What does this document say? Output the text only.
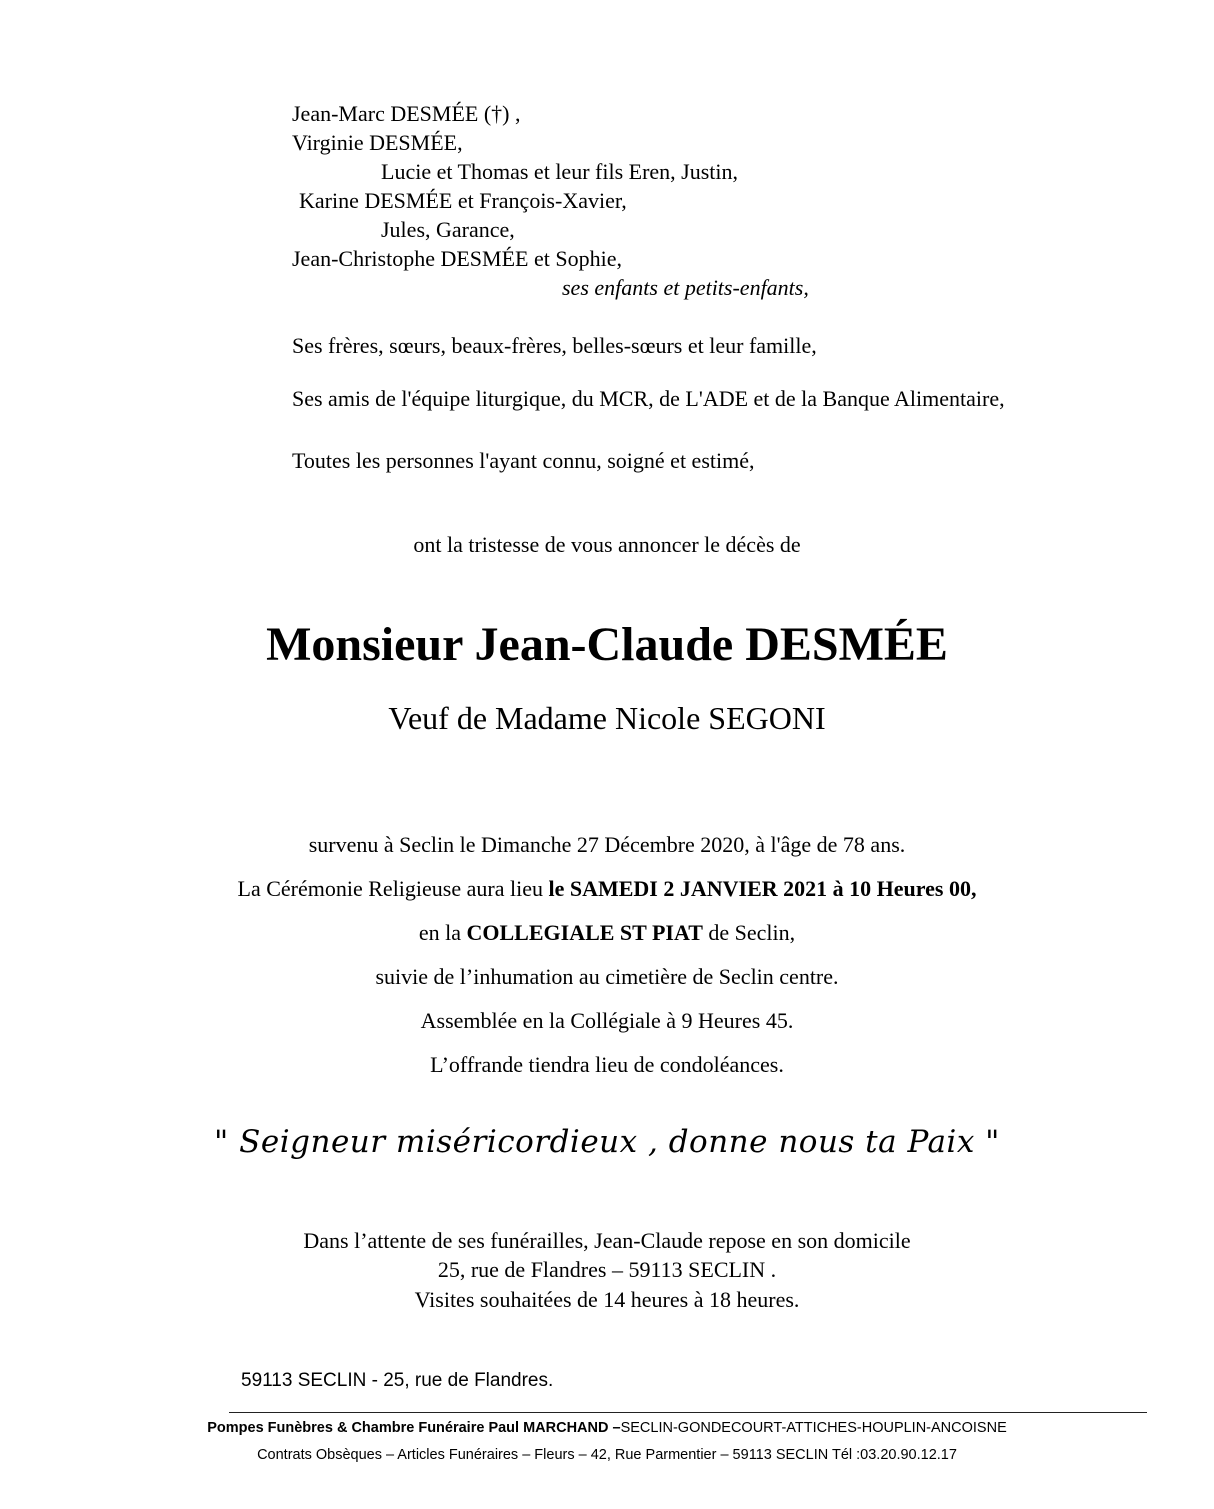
Jean-Marc DESMÉE (†) ,
Virginie DESMÉE,
Lucie et Thomas et leur fils Eren, Justin,
Karine DESMÉE et François-Xavier,
Jules, Garance,
Jean-Christophe DESMÉE et Sophie,
ses enfants et petits-enfants,
Ses frères, sœurs, beaux-frères, belles-sœurs et leur famille,
Ses amis de l'équipe liturgique, du MCR, de L'ADE et de la Banque Alimentaire,
Toutes les personnes l'ayant connu, soigné et estimé,
ont la tristesse de vous annoncer le décès de
Monsieur Jean-Claude DESMÉE
Veuf de Madame Nicole SEGONI
survenu à Seclin le Dimanche 27 Décembre 2020, à l'âge de 78 ans.
La Cérémonie Religieuse aura lieu le SAMEDI 2 JANVIER 2021 à 10 Heures 00,
en la COLLEGIALE ST PIAT de Seclin,
suivie de l’inhumation au cimetière de Seclin centre.
Assemblée en la Collégiale à 9 Heures 45.
L’offrande tiendra lieu de condoléances.
" Seigneur miséricordieux , donne nous ta Paix "
Dans l’attente de ses funérailles, Jean-Claude repose en son domicile
25, rue de Flandres – 59113 SECLIN .
Visites souhaitées de 14 heures à 18 heures.
59113 SECLIN - 25, rue de Flandres.
Pompes Funèbres & Chambre Funéraire Paul MARCHAND –SECLIN-GONDECOURT-ATTICHES-HOUPLIN-ANCOISNE
Contrats Obsèques – Articles Funéraires – Fleurs – 42, Rue Parmentier – 59113 SECLIN Tél :03.20.90.12.17
